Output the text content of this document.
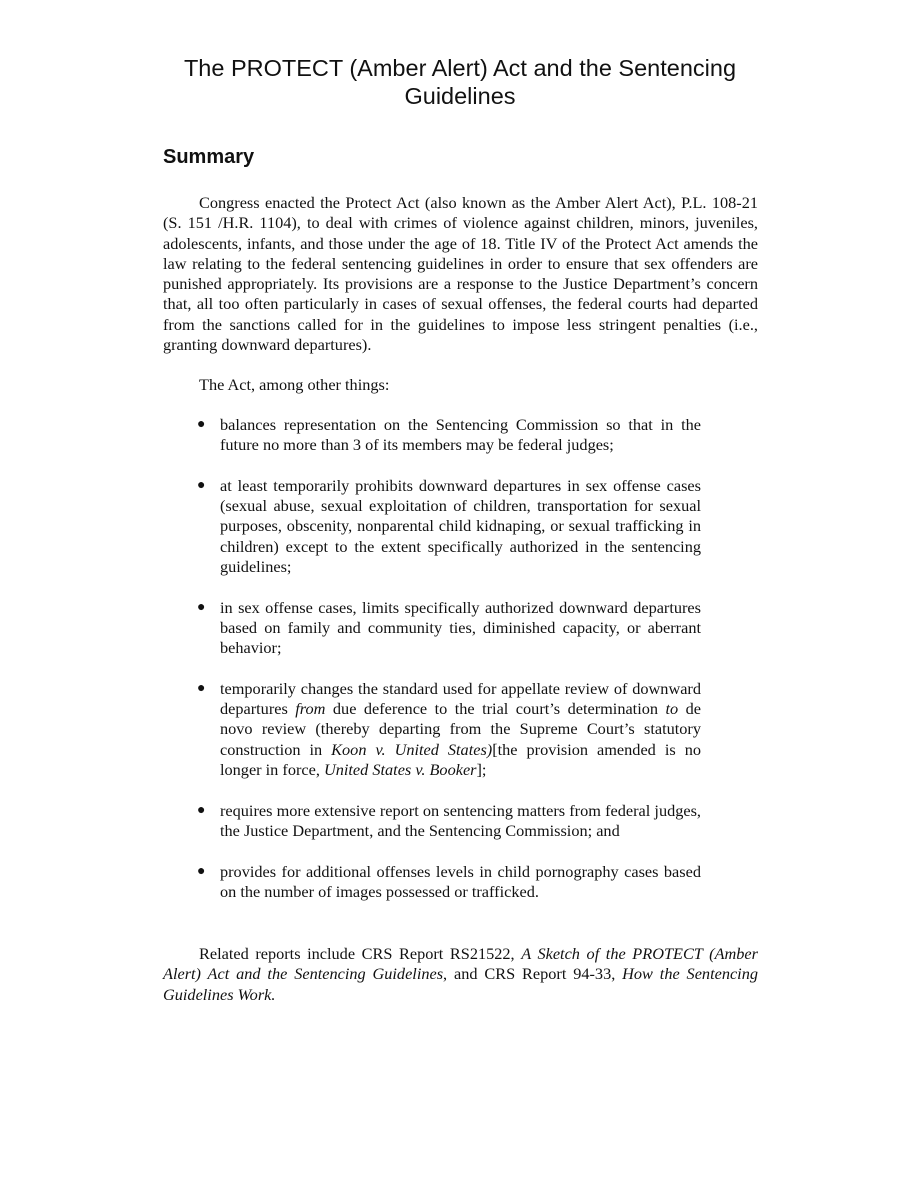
The PROTECT (Amber Alert) Act and the Sentencing Guidelines
Summary

Congress enacted the Protect Act (also known as the Amber Alert Act), P.L. 108-21 (S. 151 /H.R. 1104), to deal with crimes of violence against children, minors, juveniles, adolescents, infants, and those under the age of 18. Title IV of the Protect Act amends the law relating to the federal sentencing guidelines in order to ensure that sex offenders are punished appropriately. Its provisions are a response to the Justice Department’s concern that, all too often particularly in cases of sexual offenses, the federal courts had departed from the sanctions called for in the guidelines to impose less stringent penalties (i.e., granting downward departures).

The Act, among other things:

● balances representation on the Sentencing Commission so that in the future no more than 3 of its members may be federal judges;
● at least temporarily prohibits downward departures in sex offense cases (sexual abuse, sexual exploitation of children, transportation for sexual purposes, obscenity, nonparental child kidnaping, or sexual trafficking in children) except to the extent specifically authorized in the sentencing guidelines;
● in sex offense cases, limits specifically authorized downward departures based on family and community ties, diminished capacity, or aberrant behavior;
● temporarily changes the standard used for appellate review of downward departures from due deference to the trial court’s determination to de novo review (thereby departing from the Supreme Court’s statutory construction in Koon v. United States)[the provision amended is no longer in force, United States v. Booker];
● requires more extensive report on sentencing matters from federal judges, the Justice Department, and the Sentencing Commission; and
● provides for additional offenses levels in child pornography cases based on the number of images possessed or trafficked.

Related reports include CRS Report RS21522, A Sketch of the PROTECT (Amber Alert) Act and the Sentencing Guidelines, and CRS Report 94-33, How the Sentencing Guidelines Work.
